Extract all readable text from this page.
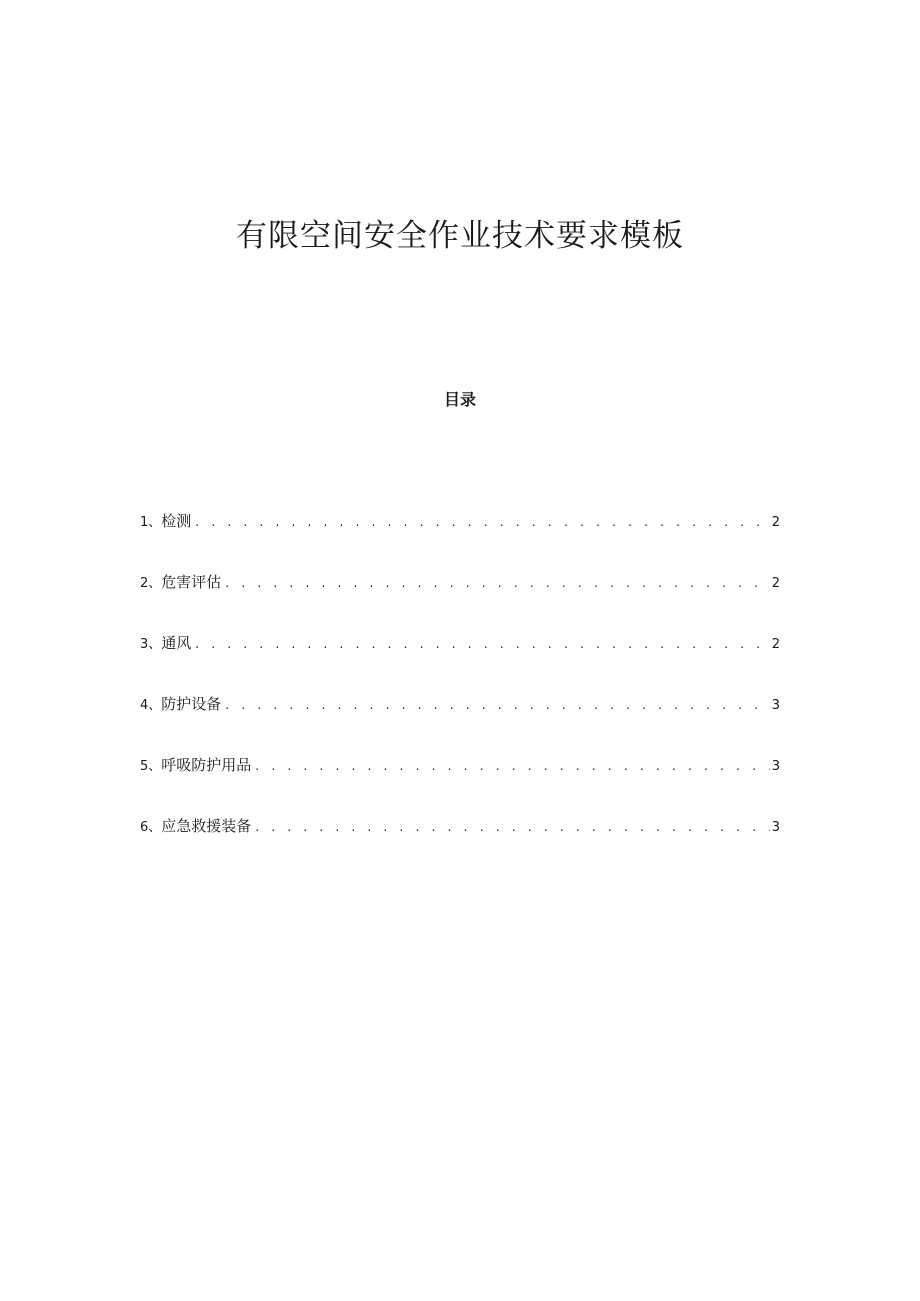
有限空间安全作业技术要求模板
目录
1、 检测 . . .	2
2、 危害评估 . . .	2
3、 通风 . . .	2
4、 防护设备 . . .	3
5、 呼吸防护用品 . . .	3
6、 应急救援装备 . . .	3
